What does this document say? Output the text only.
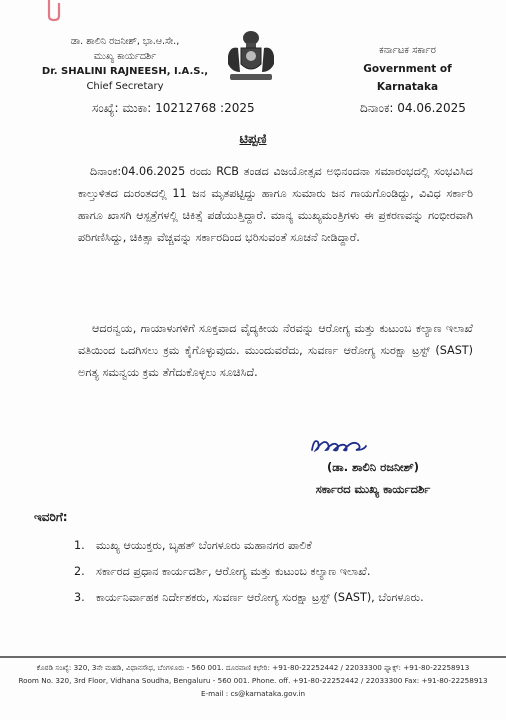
ಡಾ. ಶಾಲಿನಿ ರಜನೀಶ್, ಭಾ.ಆ.ಸೇ.,
ಮುಖ್ಯ ಕಾರ್ಯದರ್ಶಿ
Dr. SHALINI RAJNEESH, I.A.S.,
Chief Secretary
ಕರ್ನಾಟಕ ಸರ್ಕಾರ
Government of Karnataka
ಸಂಖ್ಯೆ: ಮುಕಾ: 10212768 :2025	ದಿನಾಂಕ: 04.06.2025
ಟಿಪ್ಪಣಿ
ದಿನಾಂಕ:04.06.2025 ರಂದು RCB ತಂಡದ ವಿಜಯೋತ್ಸವ ಅಭಿನಂದನಾ ಸಮಾರಂಭದಲ್ಲಿ ಸಂಭವಿಸಿದ ಕಾಲ್ತುಳಿತದ ದುರಂತದಲ್ಲಿ 11 ಜನ ಮೃತಪಟ್ಟಿದ್ದು ಹಾಗೂ ಸುಮಾರು ಜನ ಗಾಯಗೊಂಡಿದ್ದು, ವಿವಿಧ ಸರ್ಕಾರಿ ಹಾಗೂ ಖಾಸಗಿ ಆಸ್ಪತ್ರೆಗಳಲ್ಲಿ ಚಿಕಿತ್ಸೆ ಪಡೆಯುತ್ತಿದ್ದಾರೆ. ಮಾನ್ಯ ಮುಖ್ಯಮಂತ್ರಿಗಳು ಈ ಪ್ರಕರಣವನ್ನು ಗಂಭೀರವಾಗಿ ಪರಿಗಣಿಸಿದ್ದು, ಚಿಕಿತ್ಸಾ ವೆಚ್ಚವನ್ನು ಸರ್ಕಾರದಿಂದ ಭರಿಸುವಂತೆ ಸೂಚನೆ ನೀಡಿದ್ದಾರೆ.
ಆದರನ್ವಯ, ಗಾಯಾಳುಗಳಿಗೆ ಸೂಕ್ತವಾದ ವೈದ್ಯಕೀಯ ನೆರವನ್ನು ಆರೋಗ್ಯ ಮತ್ತು ಕುಟುಂಬ ಕಲ್ಯಾಣ ಇಲಾಖೆ ವತಿಯಿಂದ ಒದಗಿಸಲು ಕ್ರಮ ಕೈಗೊಳ್ಳುವುದು. ಮುಂದುವರೆದು, ಸುವರ್ಣ ಆರೋಗ್ಯ ಸುರಕ್ಷಾ ಟ್ರಸ್ಟ್ (SAST) ಅಗತ್ಯ ಸಮನ್ವಯ ಕ್ರಮ ತೆಗೆದುಕೊಳ್ಳಲು ಸೂಚಿಸಿದೆ.
(ಡಾ. ಶಾಲಿನಿ ರಜನೀಶ್)
ಸರ್ಕಾರದ ಮುಖ್ಯ ಕಾರ್ಯದರ್ಶಿ
ಇವರಿಗೆ:
1. ಮುಖ್ಯ ಆಯುಕ್ತರು, ಬೃಹತ್ ಬೆಂಗಳೂರು ಮಹಾನಗರ ಪಾಲಿಕೆ
2. ಸರ್ಕಾರದ ಪ್ರಧಾನ ಕಾರ್ಯದರ್ಶಿ, ಆರೋಗ್ಯ ಮತ್ತು ಕುಟುಂಬ ಕಲ್ಯಾಣ ಇಲಾಖೆ.
3. ಕಾರ್ಯನಿರ್ವಾಹಕ ನಿರ್ದೇಶಕರು, ಸುವರ್ಣ ಆರೋಗ್ಯ ಸುರಕ್ಷಾ ಟ್ರಸ್ಟ್ (SAST), ಬೆಂಗಳೂರು.
ಕೊಠಡಿ ಸಂಖ್ಯೆ: 320, 3ನೇ ಮಹಡಿ, ವಿಧಾನಸೌಧ, ಬೆಂಗಳೂರು - 560 001. ದೂರವಾಣಿ ಕಛೇರಿ: +91-80-22252442 / 22033300 ಫ್ಯಾಕ್ಸ್: +91-80-22258913
Room No. 320, 3rd Floor, Vidhana Soudha, Bengaluru - 560 001. Phone. off. +91-80-22252442 / 22033300 Fax: +91-80-22258913
E-mail : cs@karnataka.gov.in
